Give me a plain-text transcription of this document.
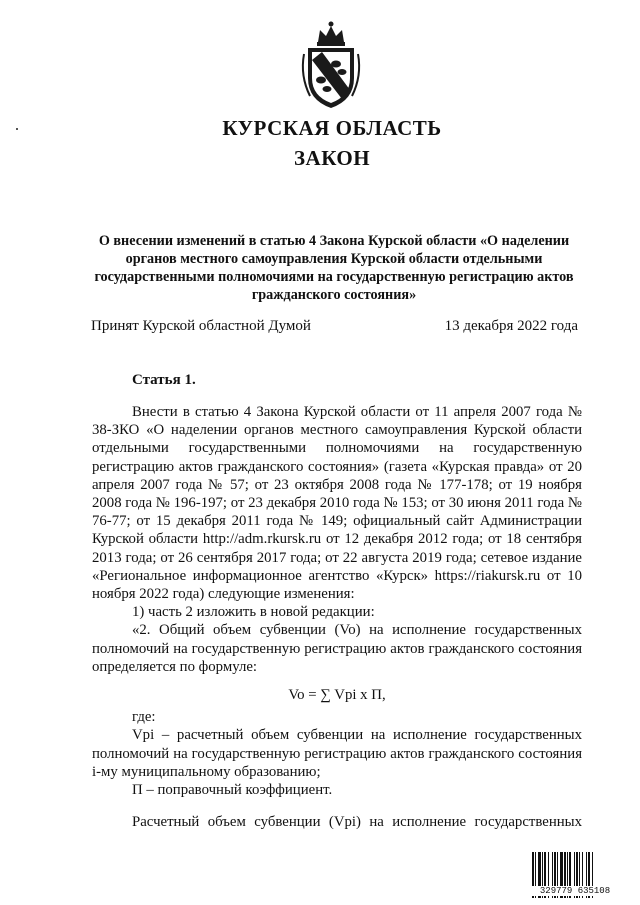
КУРСКАЯ ОБЛАСТЬ
ЗАКОН
О внесении изменений в статью 4 Закона Курской области «О наделении органов местного самоуправления Курской области отдельными государственными полномочиями на государственную регистрацию актов гражданского состояния»
Принят Курской областной Думой	13 декабря 2022 года
Статья 1.

Внести в статью 4 Закона Курской области от 11 апреля 2007 года № 38-ЗКО «О наделении органов местного самоуправления Курской области отдельными государственными полномочиями на государственную регистрацию актов гражданского состояния» (газета «Курская правда» от 20 апреля 2007 года № 57; от 23 октября 2008 года № 177-178; от 19 ноября 2008 года № 196-197; от 23 декабря 2010 года № 153; от 30 июня 2011 года № 76-77; от 15 декабря 2011 года № 149; официальный сайт Администрации Курской области http://adm.rkursk.ru от 12 декабря 2012 года; от 18 сентября 2013 года; от 26 сентября 2017 года; от 22 августа 2019 года; сетевое издание «Региональное информационное агентство «Курск» https://riakursk.ru от 10 ноября 2022 года) следующие изменения:

1) часть 2 изложить в новой редакции:

«2. Общий объем субвенции (Vo) на исполнение государственных полномочий на государственную регистрацию актов гражданского состояния определяется по формуле:

Vo = ∑ Vpi x П,

где:

Vpi – расчетный объем субвенции на исполнение государственных полномочий на государственную регистрацию актов гражданского состояния i-му муниципальному образованию;

П – поправочный коэффициент.

Расчетный объем субвенции (Vpi) на исполнение государственных

329779 635108
